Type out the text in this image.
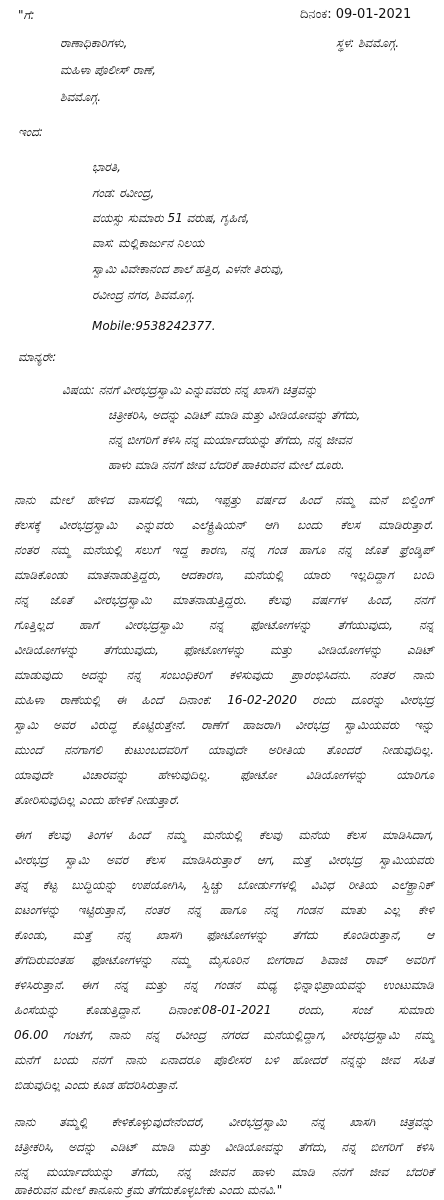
"ಗೆ:	ದಿನಂಕ: 09-01-2021
ರಾಣಾಧಿಕಾರಿಗಳು,	ಸ್ಥಳ: ಶಿವಮೊಗ್ಗ.
ಮಹಿಳಾ ಪೊಲೀಸ್ ರಾಣೆ,
ಶಿವಮೊಗ್ಗ.
ಇಂದ:
ಭಾರತಿ,
ಗಂಡ: ರವೀಂದ್ರ,
ವಯಸ್ಸು ಸುಮಾರು 51 ವರುಷ, ಗೃಹಿಣಿ,
ವಾಸ: ಮಲ್ಲಿಕಾರ್ಜುನ ನಿಲಯ
ಸ್ವಾಮಿ ವಿವೇಕಾನಂದ ಶಾಲೆ ಹತ್ತಿರ, ಎಳನೇ ತಿರುವು,
ರವೀಂದ್ರ ನಗರ, ಶಿವಮೊಗ್ಗ.
Mobile:9538242377.
ಮಾನ್ಯರೇ:
ವಿಷಯ: ನನಗೆ ವೀರಭದ್ರಸ್ವಾಮಿ ಎನ್ನುವವರು ನನ್ನ ಖಾಸಗಿ ಚಿತ್ರವನ್ನು
ಚಿತ್ರೀಕರಿಸಿ, ಅದನ್ನು ಎಡಿಟ್ ಮಾಡಿ ಮತ್ತು ವೀಡಿಯೋವನ್ನು ತೆಗೆದು,
ನನ್ನ ಬೀಗರಿಗೆ ಕಳಿಸಿ ನನ್ನ ಮರ್ಯಾದೆಯನ್ನು ತೆಗೆದು, ನನ್ನ ಜೀವನ
ಹಾಳು ಮಾಡಿ ನನಗೆ ಜೀವ ಬೆದರಿಕೆ ಹಾಕಿರುವನ ಮೇಲೆ ದೂರು.
ನಾನು ಮೇಲೆ ಹೇಳಿದ ವಾಸದಲ್ಲಿ ಇದು, ಇಪ್ಪತ್ತು ವರ್ಷದ ಹಿಂದೆ ನಮ್ಮ ಮನೆ ಬಿಲ್ಡಿಂಗ್
ಕೆಲಸಕ್ಕೆ ವೀರಭದ್ರಸ್ವಾಮಿ ಎನ್ನುವರು ಎಲೆಕ್ಟ್ರಿಷಿಯನ್ ಆಗಿ ಬಂದು ಕೆಲಸ ಮಾಡಿರುತ್ತಾರೆ.
ನಂತರ ನಮ್ಮ ಮನೆಯಲ್ಲಿ ಸಲುಗೆ ಇದ್ದ ಕಾರಣ, ನನ್ನ ಗಂಡ ಹಾಗೂ ನನ್ನ ಜೊತೆ ಫ್ರೆಂಡ್ಶಿಪ್
ಮಾಡಿಕೊಂಡು ಮಾತನಾಡುತ್ತಿದ್ದರು, ಆದಕಾರಣ, ಮನೆಯಲ್ಲಿ ಯಾರು ಇಲ್ಲದಿದ್ದಾಗ ಬಂದಿ
ನನ್ನ ಜೊತೆ ವೀರಭದ್ರಸ್ವಾಮಿ ಮಾತನಾಡುತ್ತಿದ್ದರು. ಕೆಲವು ವರ್ಷಗಳ ಹಿಂದೆ, ನನಗೆ
ಗೊತ್ತಿಲ್ಲದ ಹಾಗೆ ವೀರಭದ್ರಸ್ವಾಮಿ ನನ್ನ ಫೋಟೋಗಳನ್ನು ತೆಗೆಯುವುದು, ನನ್ನ
ವೀಡಿಯೋಗಳನ್ನು ತೆಗೆಯುವುದು, ಫೋಟೋಗಳನ್ನು ಮತ್ತು ವೀಡಿಯೋಗಳನ್ನು ಎಡಿಟ್
ಮಾಡುವುದು ಅದನ್ನು ನನ್ನ ಸಂಬಂಧಿಕರಿಗೆ ಕಳಿಸುವುದು ಪ್ರಾರಂಭಿಸಿದನು. ನಂತರ ನಾನು
ಮಹಿಳಾ ರಾಣೆಯಲ್ಲಿ ಈ ಹಿಂದೆ ದಿನಾಂಕ: 16-02-2020 ರಂದು ದೂರನ್ನು ವೀರಭದ್ರ
ಸ್ವಾಮಿ ಅವರ ವಿರುದ್ಧ ಕೊಟ್ಟಿರುತ್ತೇನೆ. ರಾಣೆಗೆ ಹಾಜರಾಗಿ ವೀರಭದ್ರ ಸ್ವಾಮಿಯವರು ಇನ್ನು
ಮುಂದೆ ನನಗಾಗಲಿ ಕುಟುಂಬದವರಿಗೆ ಯಾವುದೇ ಅರೀತಿಯ ತೊಂದರೆ ನೀಡುವುದಿಲ್ಲ.
ಯಾವುದೇ ವಿಚಾರವನ್ನು ಹೇಳುವುದಿಲ್ಲ. ಫೋಟೋ ವಿಡಿಯೋಗಳನ್ನು ಯಾರಿಗೂ
ತೋರಿಸುವುದಿಲ್ಲ ಎಂದು ಹೇಳಿಕೆ ನೀಡುತ್ತಾರೆ.
ಈಗ ಕೆಲವು ತಿಂಗಳ ಹಿಂದೆ ನಮ್ಮ ಮನೆಯಲ್ಲಿ ಕೆಲವು ಮನೆಯ ಕೆಲಸ ಮಾಡಿಸಿದಾಗ,
ವೀರಭದ್ರ ಸ್ವಾಮಿ ಅವರ ಕೆಲಸ ಮಾಡಿಸಿರುತ್ತಾರೆ ಆಗ, ಮತ್ತೆ ವೀರಭದ್ರ ಸ್ವಾಮಿಯವರು
ತನ್ನ ಕೆಟ್ಟ ಬುದ್ಧಿಯನ್ನು ಉಪಯೋಗಿಸಿ, ಸ್ವಿಚ್ಚು ಬೋರ್ಡುಗಳಲ್ಲಿ ವಿವಿಧ ರೀತಿಯ ಎಲೆಕ್ಟ್ರಾನಿಕ್
ಐಟಂಗಳನ್ನು ಇಟ್ಟಿರುತ್ತಾನೆ, ನಂತರ ನನ್ನ ಹಾಗೂ ನನ್ನ ಗಂಡನ ಮಾತು ಎಲ್ಲ ಕೇಳಿ
ಕೊಂಡು, ಮತ್ತೆ ನನ್ನ ಖಾಸಗಿ ಫೋಟೋಗಳನ್ನು ತೆಗೆದು ಕೊಂಡಿರುತ್ತಾನೆ, ಆ
ತೆಗೆದಿರುವಂತಹ ಫೋಟೋಗಳನ್ನು ನಮ್ಮ ಮೈಸೂರಿನ ಬೀಗರಾದ ಶಿವಾಜಿ ರಾವ್ ಅವರಿಗೆ
ಕಳಿಸಿರುತ್ತಾನೆ. ಈಗ ನನ್ನ ಮತ್ತು ನನ್ನ ಗಂಡನ ಮಧ್ಯ ಭಿನ್ನಾಭಿಪ್ರಾಯವನ್ನು ಉಂಟುಮಾಡಿ
ಹಿಂಸೆಯನ್ನು ಕೊಡುತ್ತಿದ್ದಾನೆ. ದಿನಾಂಕ:08-01-2021 ರಂದು, ಸಂಜೆ ಸುಮಾರು
06.00 ಗಂಟೆಗೆ, ನಾನು ನನ್ನ ರವೀಂದ್ರ ನಗರದ ಮನೆಯಲ್ಲಿದ್ದಾಗ, ವೀರಭದ್ರಸ್ವಾಮಿ ನಮ್ಮ
ಮನೆಗೆ ಬಂದು ನನಗೆ ನಾನು ಏನಾದರೂ ಪೊಲೀಸರ ಬಳಿ ಹೋದರೆ ನನ್ನನ್ನು ಜೀವ ಸಹಿತ
ಬಿಡುವುದಿಲ್ಲ ಎಂದು ಕೂಡ ಹೆದರಿಸಿರುತ್ತಾನೆ.
ನಾನು ತಮ್ಮಲ್ಲಿ ಕೇಳಿಕೊಳ್ಳುವುದೇನೆಂದರೆ, ವೀರಭದ್ರಸ್ವಾಮಿ ನನ್ನ ಖಾಸಗಿ ಚಿತ್ರವನ್ನು
ಚಿತ್ರೀಕರಿಸಿ, ಅದನ್ನು ಎಡಿಟ್ ಮಾಡಿ ಮತ್ತು ವೀಡಿಯೋವನ್ನು ತೆಗೆದು, ನನ್ನ ಬೀಗರಿಗೆ ಕಳಿಸಿ
ನನ್ನ ಮರ್ಯಾದೆಯನ್ನು ತೆಗೆದು, ನನ್ನ ಜೀವನ ಹಾಳು ಮಾಡಿ ನನಗೆ ಜೀವ ಬೆದರಿಕೆ
ಹಾಕಿರುವನ ಮೇಲೆ ಕಾನೂನು ಕ್ರಮ ತೆಗೆದುಕೊಳ್ಳಬೇಕು ಎಂದು ಮನವಿ."
